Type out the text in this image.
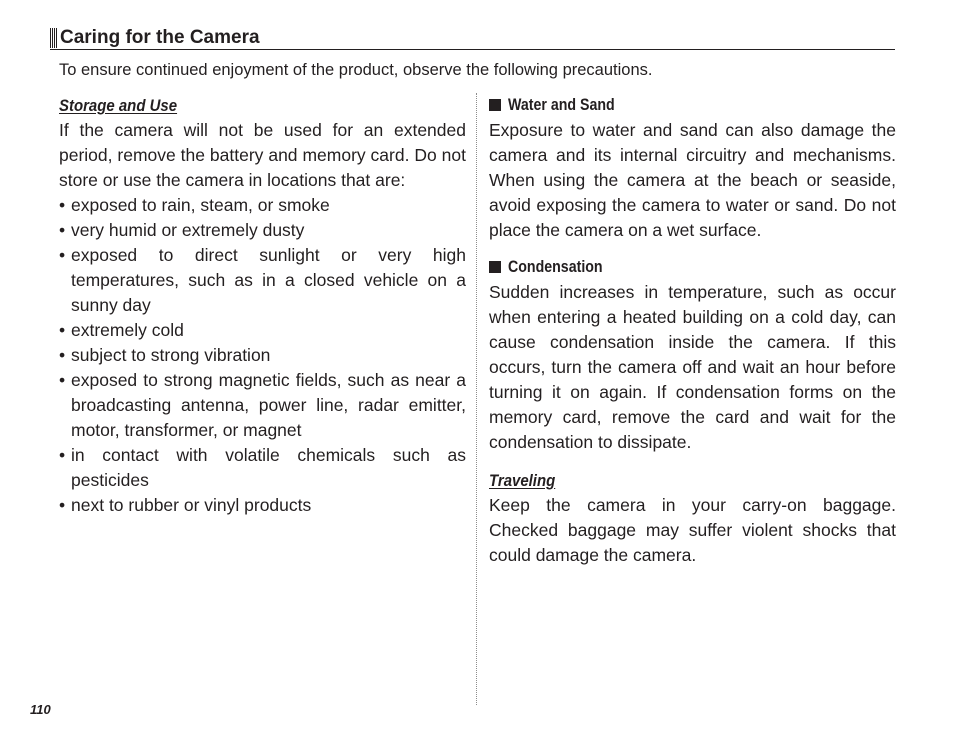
Caring for the Camera

To ensure continued enjoyment of the product, observe the following precautions.

Storage and Use

If the camera will not be used for an extended period, remove the battery and memory card. Do not store or use the camera in locations that are:

• exposed to rain, steam, or smoke
• very humid or extremely dusty
• exposed to direct sunlight or very high temperatures, such as in a closed vehicle on a sunny day
• extremely cold
• subject to strong vibration
• exposed to strong magnetic fields, such as near a broadcasting antenna, power line, radar emitter, motor, transformer, or magnet
• in contact with volatile chemicals such as pesticides
• next to rubber or vinyl products
Water and Sand

Exposure to water and sand can also damage the camera and its internal circuitry and mechanisms. When using the camera at the beach or seaside, avoid exposing the camera to water or sand. Do not place the camera on a wet surface.

Condensation

Sudden increases in temperature, such as occur when entering a heated building on a cold day, can cause condensation inside the camera. If this occurs, turn the camera off and wait an hour before turning it on again. If condensation forms on the memory card, remove the card and wait for the condensation to dissipate.

Traveling

Keep the camera in your carry-on baggage. Checked baggage may suffer violent shocks that could damage the camera.

110
